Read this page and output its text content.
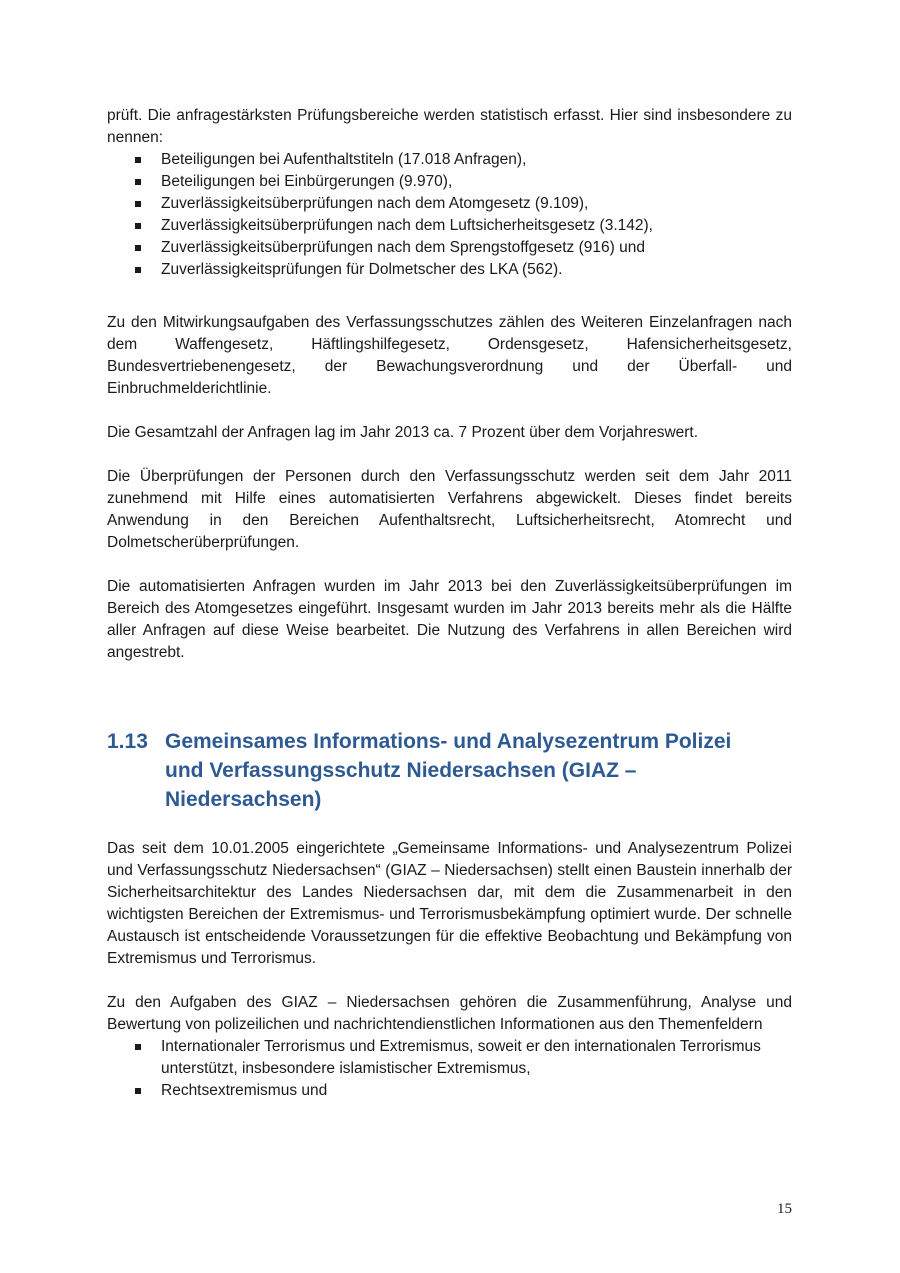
prüft. Die anfragestärksten Prüfungsbereiche werden statistisch erfasst. Hier sind insbesondere zu nennen:

Beteiligungen bei Aufenthaltstiteln (17.018 Anfragen),
Beteiligungen bei Einbürgerungen (9.970),
Zuverlässigkeitsüberprüfungen nach dem Atomgesetz (9.109),
Zuverlässigkeitsüberprüfungen nach dem Luftsicherheitsgesetz (3.142),
Zuverlässigkeitsüberprüfungen nach dem Sprengstoffgesetz (916) und
Zuverlässigkeitsprüfungen für Dolmetscher des LKA (562).

Zu den Mitwirkungsaufgaben des Verfassungsschutzes zählen des Weiteren Einzelanfragen nach dem Waffengesetz, Häftlingshilfegesetz, Ordensgesetz, Hafensicherheitsgesetz, Bundesvertriebenengesetz, der Bewachungsverordnung und der Überfall- und Einbruchmelderichtlinie.

Die Gesamtzahl der Anfragen lag im Jahr 2013 ca. 7 Prozent über dem Vorjahreswert.

Die Überprüfungen der Personen durch den Verfassungsschutz werden seit dem Jahr 2011 zunehmend mit Hilfe eines automatisierten Verfahrens abgewickelt. Dieses findet bereits Anwendung in den Bereichen Aufenthaltsrecht, Luftsicherheitsrecht, Atomrecht und Dolmetscherüberprüfungen.

Die automatisierten Anfragen wurden im Jahr 2013 bei den Zuverlässigkeitsüberprüfungen im Bereich des Atomgesetzes eingeführt. Insgesamt wurden im Jahr 2013 bereits mehr als die Hälfte aller Anfragen auf diese Weise bearbeitet. Die Nutzung des Verfahrens in allen Bereichen wird angestrebt.

1.13 Gemeinsames Informations- und Analysezentrum Polizei
und Verfassungsschutz Niedersachsen (GIAZ – Niedersachsen)

Das seit dem 10.01.2005 eingerichtete „Gemeinsame Informations- und Analysezentrum Polizei und Verfassungsschutz Niedersachsen“ (GIAZ – Niedersachsen) stellt einen Baustein innerhalb der Sicherheitsarchitektur des Landes Niedersachsen dar, mit dem die Zusammenarbeit in den wichtigsten Bereichen der Extremismus- und Terrorismusbekämpfung optimiert wurde. Der schnelle Austausch ist entscheidende Voraussetzungen für die effektive Beobachtung und Bekämpfung von Extremismus und Terrorismus.

Zu den Aufgaben des GIAZ – Niedersachsen gehören die Zusammenführung, Analyse und Bewertung von polizeilichen und nachrichtendienstlichen Informationen aus den Themenfeldern

Internationaler Terrorismus und Extremismus, soweit er den internationalen Terrorismus unterstützt, insbesondere islamistischer Extremismus,
Rechtsextremismus und
15
